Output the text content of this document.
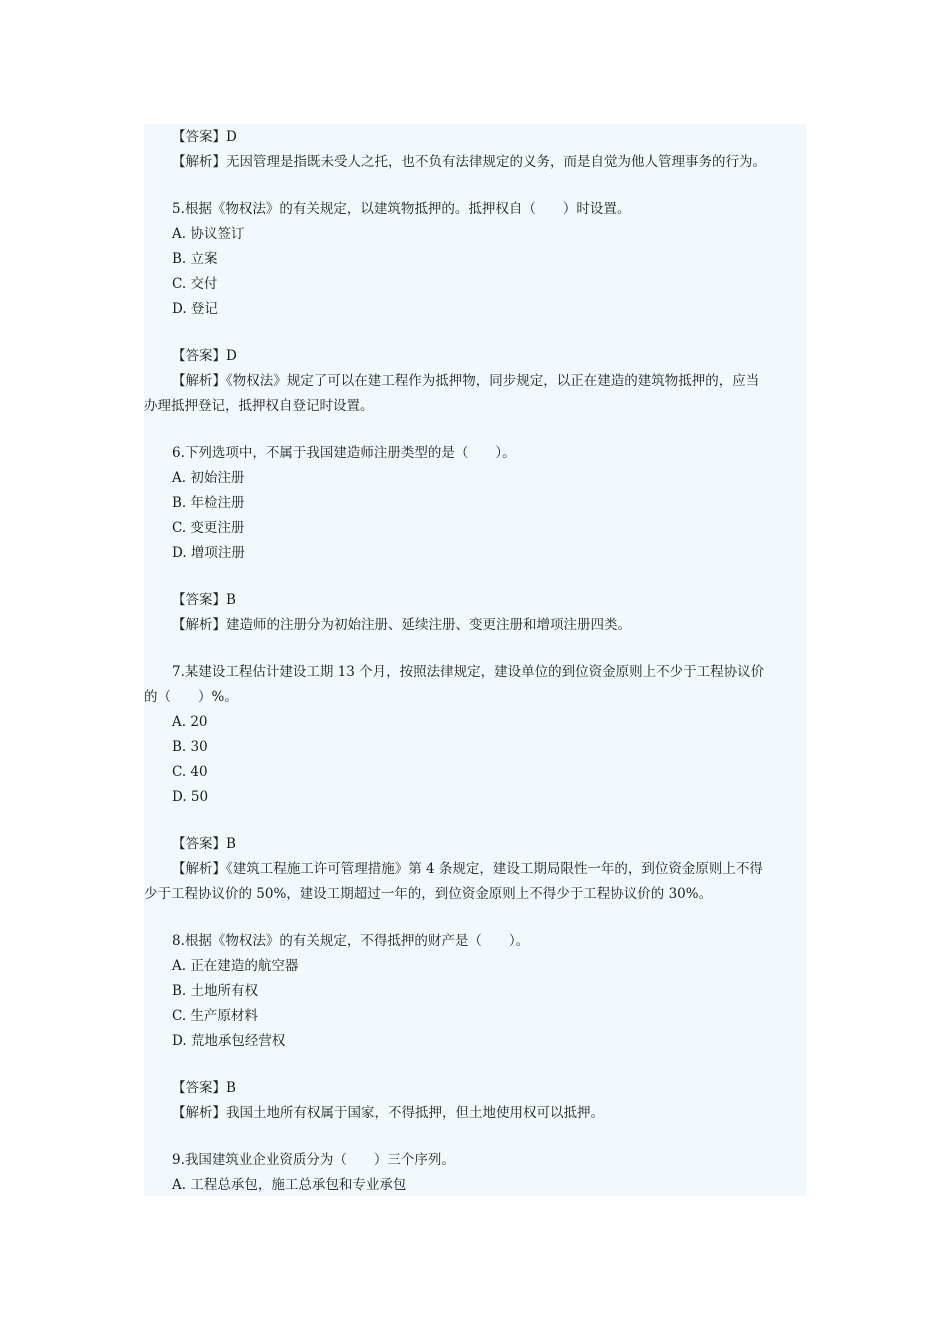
【答案】D
【解析】无因管理是指既未受人之托，也不负有法律规定的义务，而是自觉为他人管理事务的行为。
5.根据《物权法》的有关规定，以建筑物抵押的。抵押权自（　　）时设置。
A. 协议签订
B. 立案
C. 交付
D. 登记
【答案】D
【解析】《物权法》规定了可以在建工程作为抵押物，同步规定，以正在建造的建筑物抵押的，应当
办理抵押登记，抵押权自登记时设置。
6.下列选项中，不属于我国建造师注册类型的是（　　）。
A. 初始注册
B. 年检注册
C. 变更注册
D. 增项注册
【答案】B
【解析】建造师的注册分为初始注册、延续注册、变更注册和增项注册四类。
7.某建设工程估计建设工期 13 个月，按照法律规定，建设单位的到位资金原则上不少于工程协议价
的（　　）%。
A. 20
B. 30
C. 40
D. 50
【答案】B
【解析】《建筑工程施工许可管理措施》第 4 条规定，建设工期局限性一年的，到位资金原则上不得
少于工程协议价的 50%，建设工期超过一年的，到位资金原则上不得少于工程协议价的 30%。
8.根据《物权法》的有关规定，不得抵押的财产是（　　）。
A. 正在建造的航空器
B. 土地所有权
C. 生产原材料
D. 荒地承包经营权
【答案】B
【解析】我国土地所有权属于国家，不得抵押，但土地使用权可以抵押。
9.我国建筑业企业资质分为（　　）三个序列。
A. 工程总承包，施工总承包和专业承包
